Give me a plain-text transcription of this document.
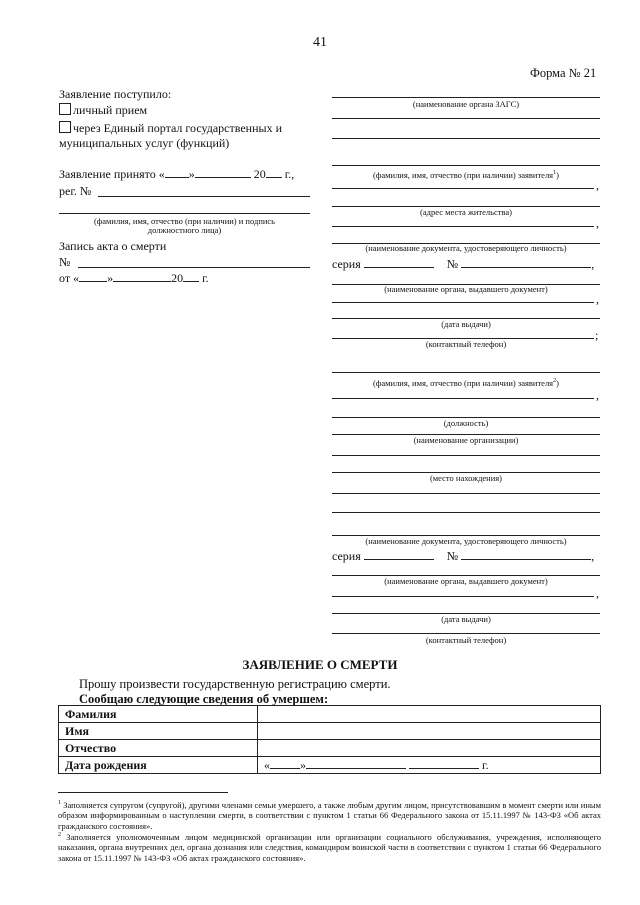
41
Форма № 21
Заявление поступило:
личный прием
через Единый портал государственных и
муниципальных услуг (функций)
Заявление принято « »	20 г.,
рег. №
(фамилия, имя, отчество (при наличии) и подпись
должностного лица)
Запись акта о смерти
№
от « »	20 г.
(наименование органа ЗАГС)
(фамилия, имя, отчество (при наличии) заявителя$^1$)
,
(адрес места жительства)
,
(наименование документа, удостоверяющего личность)
серия	№	,
(наименование органа, выдавшего документ)
,
(дата выдачи)
;
(контактный телефон)
(фамилия, имя, отчество (при наличии) заявителя$^2$)
,
(должность)
(наименование организации)
(место нахождения)
(наименование документа, удостоверяющего личность)
серия	№	,
(наименование органа, выдавшего документ)
,
(дата выдачи)
(контактный телефон)
ЗАЯВЛЕНИЕ О СМЕРТИ
Прошу произвести государственную регистрацию смерти.
Сообщаю следующие сведения об умершем:
Фамилия	
Имя	
Отчество	
Дата рождения	« » г.
$^1$ Заполняется супругом (супругой), другими членами семьи умершего, а также любым другим лицом, присутствовавшим в момент смерти или иным образом информированным о наступлении смерти, в соответствии с пунктом 1 статьи 66 Федерального закона от 15.11.1997 № 143-ФЗ «Об актах гражданского состояния».
$^2$ Заполняется уполномоченным лицом медицинской организации или организации социального обслуживания, учреждения, исполняющего наказания, органа внутренних дел, органа дознания или следствия, командиром воинской части в соответствии с пунктом 1 статьи 66 Федерального закона от 15.11.1997 № 143-ФЗ «Об актах гражданского состояния».
